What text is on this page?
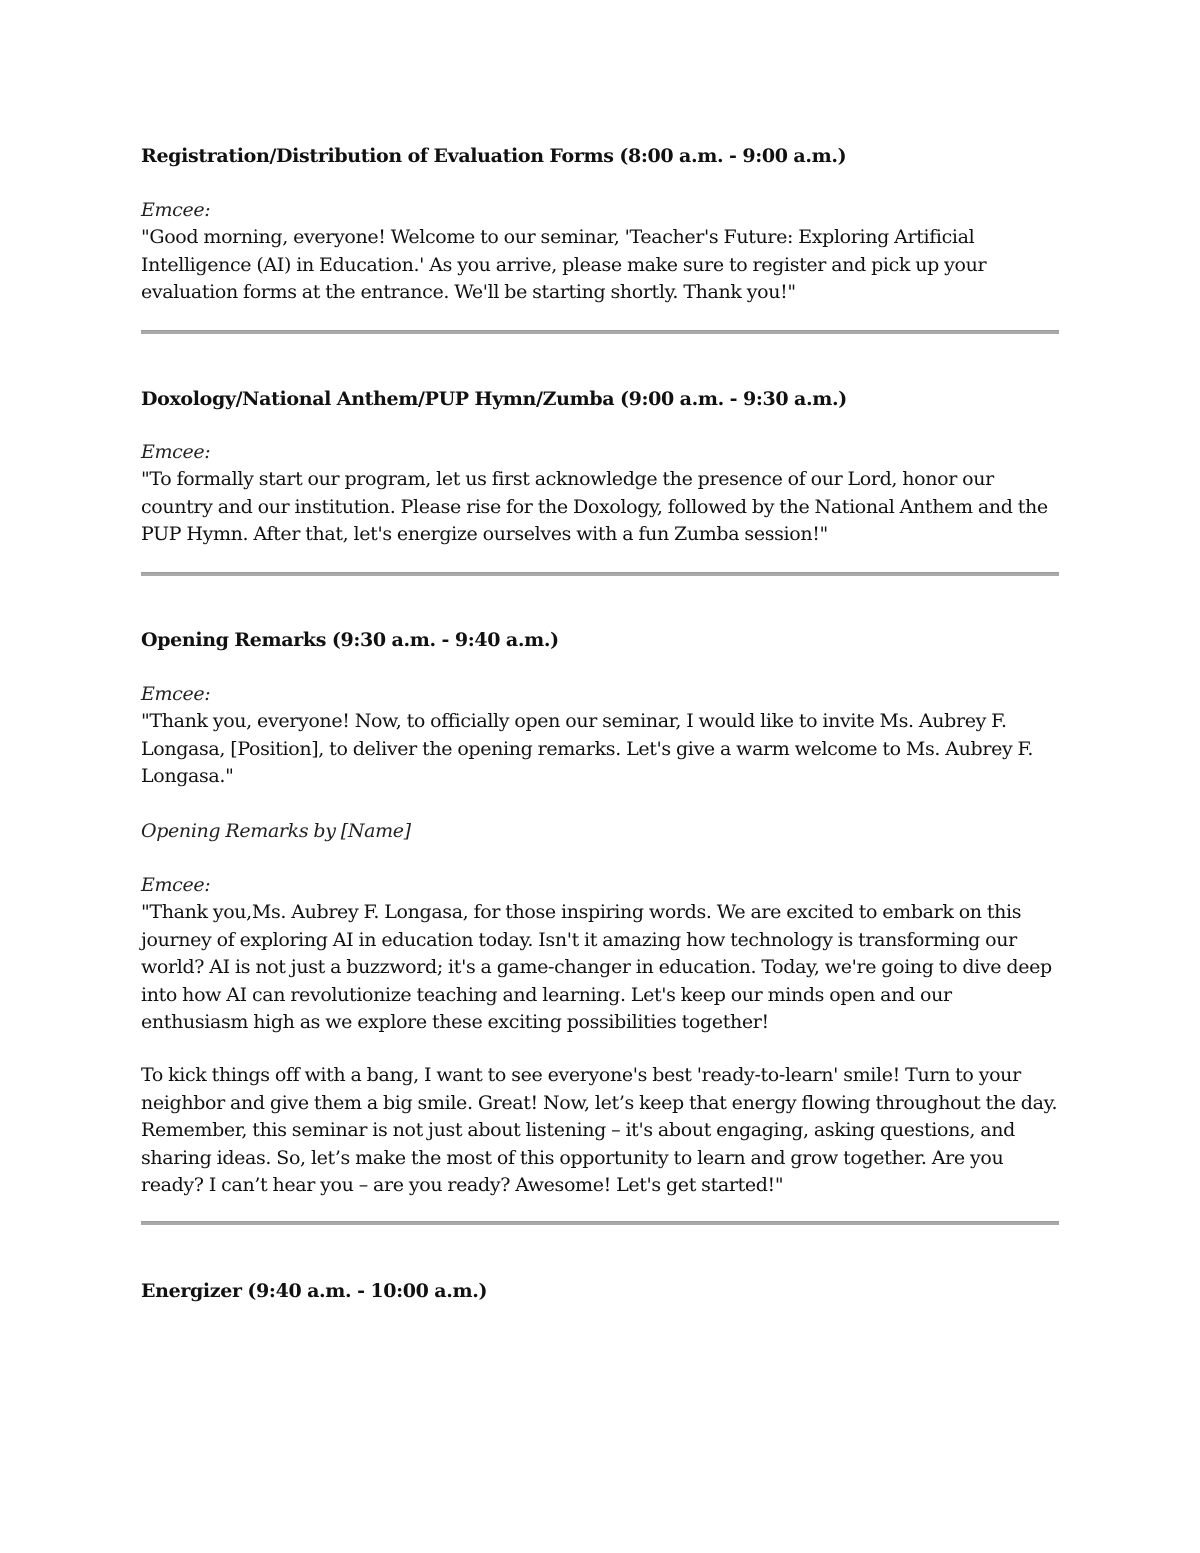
Registration/Distribution of Evaluation Forms (8:00 a.m. - 9:00 a.m.)
Emcee:
"Good morning, everyone! Welcome to our seminar, 'Teacher's Future: Exploring Artificial Intelligence (AI) in Education.' As you arrive, please make sure to register and pick up your evaluation forms at the entrance. We'll be starting shortly. Thank you!"
Doxology/National Anthem/PUP Hymn/Zumba (9:00 a.m. - 9:30 a.m.)
Emcee:
"To formally start our program, let us first acknowledge the presence of our Lord, honor our country and our institution. Please rise for the Doxology, followed by the National Anthem and the PUP Hymn. After that, let's energize ourselves with a fun Zumba session!"
Opening Remarks (9:30 a.m. - 9:40 a.m.)
Emcee:
"Thank you, everyone! Now, to officially open our seminar, I would like to invite Ms. Aubrey F. Longasa, [Position], to deliver the opening remarks. Let's give a warm welcome to Ms. Aubrey F. Longasa."
Opening Remarks by [Name]
Emcee:
"Thank you,Ms. Aubrey F. Longasa, for those inspiring words. We are excited to embark on this journey of exploring AI in education today. Isn't it amazing how technology is transforming our world? AI is not just a buzzword; it's a game-changer in education. Today, we're going to dive deep into how AI can revolutionize teaching and learning. Let's keep our minds open and our enthusiasm high as we explore these exciting possibilities together!
To kick things off with a bang, I want to see everyone's best 'ready-to-learn' smile! Turn to your neighbor and give them a big smile. Great! Now, let’s keep that energy flowing throughout the day. Remember, this seminar is not just about listening – it's about engaging, asking questions, and sharing ideas. So, let’s make the most of this opportunity to learn and grow together. Are you ready? I can’t hear you – are you ready? Awesome! Let's get started!"
Energizer (9:40 a.m. - 10:00 a.m.)
